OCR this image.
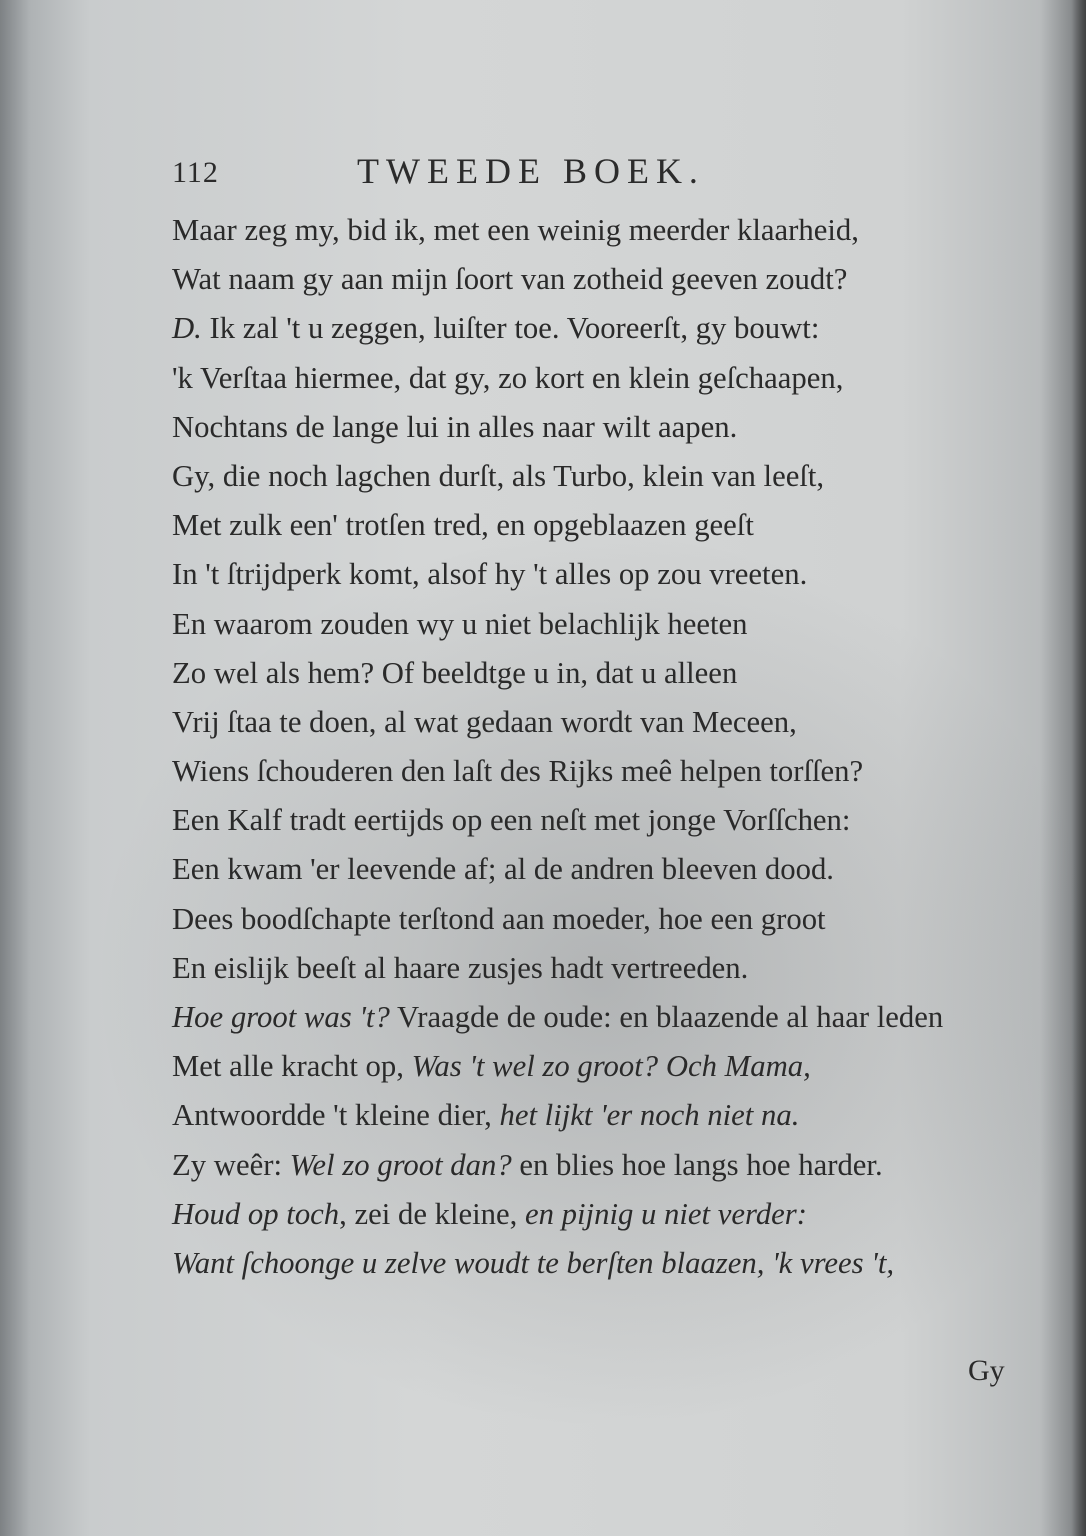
112	TWEEDE BOEK.
Maar zeg my, bid ik, met een weinig meerder klaarheid,
Wat naam gy aan mijn ſoort van zotheid geeven zoudt?
D. Ik zal 't u zeggen, luiſter toe. Vooreerſt, gy bouwt:
'k Verſtaa hiermee, dat gy, zo kort en klein geſchaapen,
Nochtans de lange lui in alles naar wilt aapen.
Gy, die noch lagchen durſt, als Turbo, klein van leeſt,
Met zulk een' trotſen tred, en opgeblaazen geeſt
In 't ſtrijdperk komt, alsof hy 't alles op zou vreeten.
En waarom zouden wy u niet belachlijk heeten
Zo wel als hem? Of beeldtge u in, dat u alleen
Vrij ſtaa te doen, al wat gedaan wordt van Meceen,
Wiens ſchouderen den laſt des Rijks meê helpen torſſen?
Een Kalf tradt eertijds op een neſt met jonge Vorſſchen:
Een kwam 'er leevende af; al de andren bleeven dood.
Dees boodſchapte terſtond aan moeder, hoe een groot
En eislijk beeſt al haare zusjes hadt vertreeden.
Hoe groot was 't? Vraagde de oude: en blaazende al haar leden
Met alle kracht op, Was 't wel zo groot? Och Mama,
Antwoordde 't kleine dier, het lijkt 'er noch niet na.
Zy weêr: Wel zo groot dan? en blies hoe langs hoe harder.
Houd op toch, zei de kleine, en pijnig u niet verder:
Want ſchoonge u zelve woudt te berſten blaazen, 'k vrees 't,
Gy
